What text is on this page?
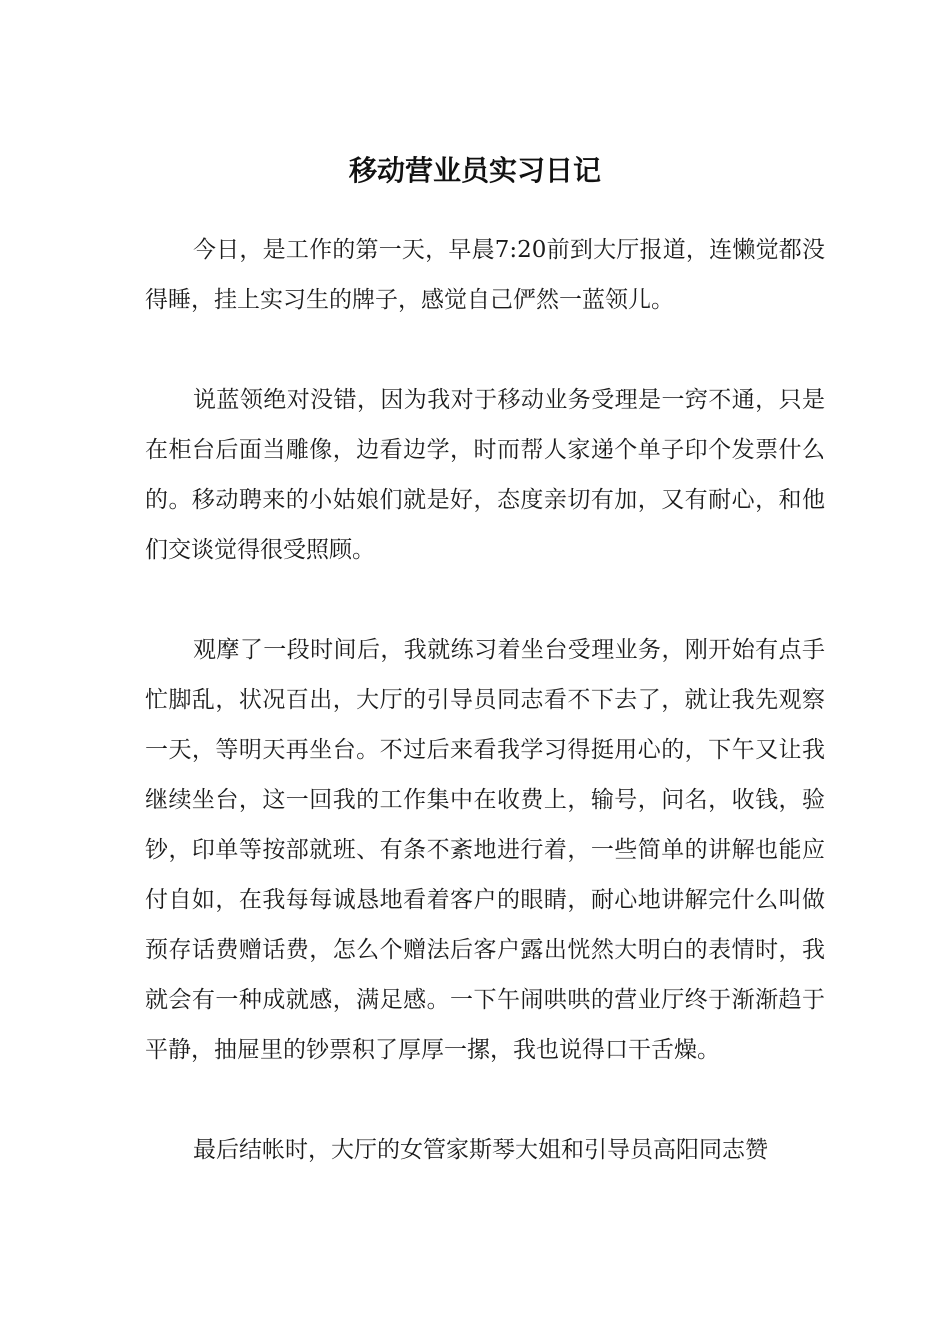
移动营业员实习日记

今日，是工作的第一天，早晨7:20前到大厅报道，连懒觉都没得睡，挂上实习生的牌子，感觉自己俨然一蓝领儿。

说蓝领绝对没错，因为我对于移动业务受理是一窍不通，只是在柜台后面当雕像，边看边学，时而帮人家递个单子印个发票什么的。移动聘来的小姑娘们就是好，态度亲切有加，又有耐心，和他们交谈觉得很受照顾。

观摩了一段时间后，我就练习着坐台受理业务，刚开始有点手忙脚乱，状况百出，大厅的引导员同志看不下去了，就让我先观察一天，等明天再坐台。不过后来看我学习得挺用心的，下午又让我继续坐台，这一回我的工作集中在收费上，输号，问名，收钱，验钞，印单等按部就班、有条不紊地进行着，一些简单的讲解也能应付自如，在我每每诚恳地看着客户的眼睛，耐心地讲解完什么叫做预存话费赠话费，怎么个赠法后客户露出恍然大明白的表情时，我就会有一种成就感，满足感。一下午闹哄哄的营业厅终于渐渐趋于平静，抽屉里的钞票积了厚厚一摞，我也说得口干舌燥。

最后结帐时，大厅的女管家斯琴大姐和引导员高阳同志赞
